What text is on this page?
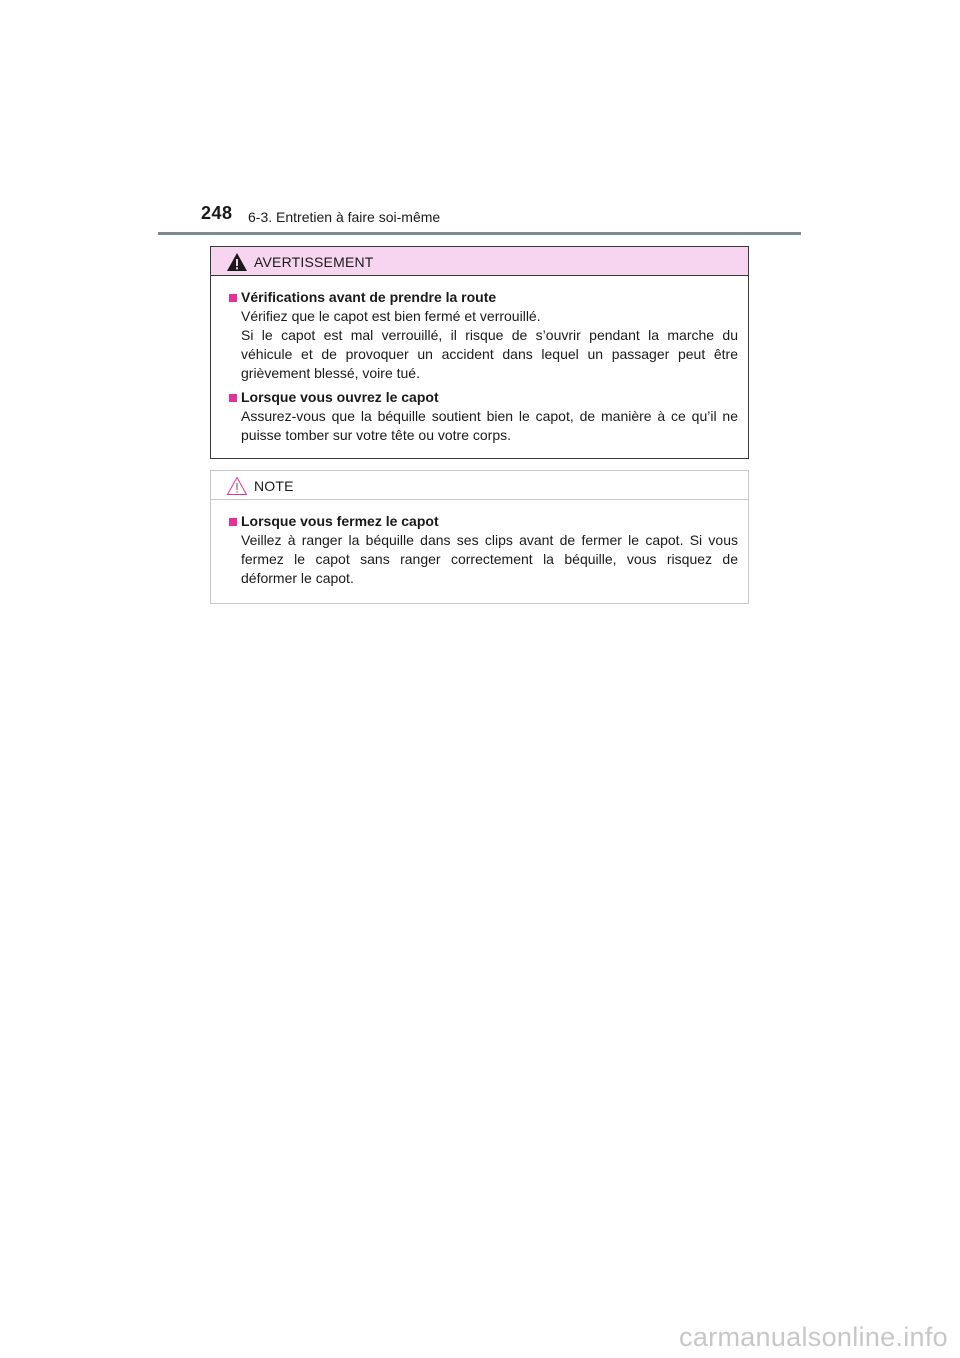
248 6-3. Entretien à faire soi-même
AVERTISSEMENT
Vérifications avant de prendre la route
Vérifiez que le capot est bien fermé et verrouillé.
Si le capot est mal verrouillé, il risque de s’ouvrir pendant la marche du
véhicule et de provoquer un accident dans lequel un passager peut être
grièvement blessé, voire tué.
Lorsque vous ouvrez le capot
Assurez-vous que la béquille soutient bien le capot, de manière à ce qu’il ne
puisse tomber sur votre tête ou votre corps.
NOTE
Lorsque vous fermez le capot
Veillez à ranger la béquille dans ses clips avant de fermer le capot. Si vous
fermez le capot sans ranger correctement la béquille, vous risquez de
déformer le capot.
carmanualsonline.info
